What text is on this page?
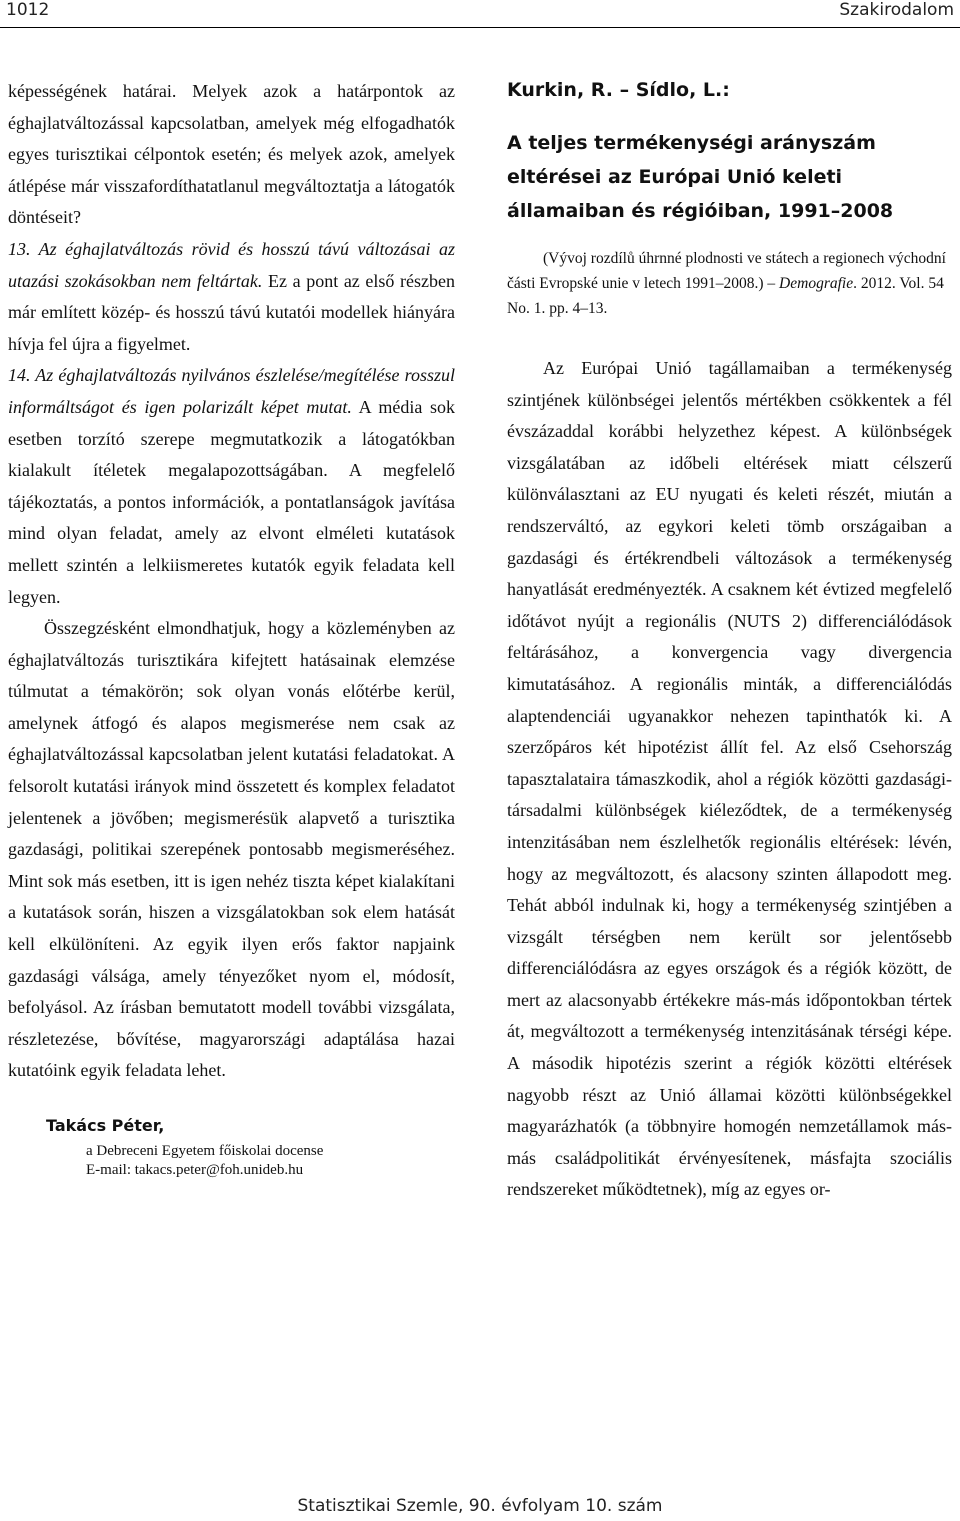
1012	Szakirodalom

képességének határai. Melyek azok a határpontok az éghajlatváltozással kapcsolatban, amelyek még elfogadhatók egyes turisztikai célpontok esetén; és melyek azok, amelyek átlépése már visszafordíthatatlanul megváltoztatja a látogatók döntéseit?

13. Az éghajlatváltozás rövid és hosszú távú változásai az utazási szokásokban nem feltártak. Ez a pont az első részben már említett közép- és hosszú távú kutatói modellek hiányára hívja fel újra a figyelmet.

14. Az éghajlatváltozás nyilvános észlelése/megítélése rosszul informáltságot és igen polarizált képet mutat. A média sok esetben torzító szerepe megmutatkozik a látogatókban kialakult ítéletek megalapozottságában. A megfelelő tájékoztatás, a pontos információk, a pontatlanságok javítása mind olyan feladat, amely az elvont elméleti kutatások mellett szintén a lelkiismeretes kutatók egyik feladata kell legyen.

Összegzésként elmondhatjuk, hogy a közleményben az éghajlatváltozás turisztikára kifejtett hatásainak elemzése túlmutat a témakörön; sok olyan vonás előtérbe kerül, amelynek átfogó és alapos megismerése nem csak az éghajlatváltozással kapcsolatban jelent kutatási feladatokat. A felsorolt kutatási irányok mind összetett és komplex feladatot jelentenek a jövőben; megismerésük alapvető a turisztika gazdasági, politikai szerepének pontosabb megismeréséhez. Mint sok más esetben, itt is igen nehéz tiszta képet kialakítani a kutatások során, hiszen a vizsgálatokban sok elem hatását kell elkülöníteni. Az egyik ilyen erős faktor napjaink gazdasági válsága, amely tényezőket nyom el, módosít, befolyásol. Az írásban bemutatott modell további vizsgálata, részletezése, bővítése, magyarországi adaptálása hazai kutatóink egyik feladata lehet.

Takács Péter,

a Debreceni Egyetem főiskolai docense

E-mail: takacs.peter@foh.unideb.hu

Kurkin, R. – Sídlo, L.:

A teljes termékenységi arányszám eltérései az Európai Unió keleti államaiban és régióiban, 1991–2008

(Vývoj rozdílů úhrnné plodnosti ve státech a regionech východní části Evropské unie v letech 1991–2008.) – Demografie. 2012. Vol. 54 No. 1. pp. 4–13.

Az Európai Unió tagállamaiban a termékenység szintjének különbségei jelentős mértékben csökkentek a fél évszázaddal korábbi helyzethez képest. A különbségek vizsgálatában az időbeli eltérések miatt célszerű különválasztani az EU nyugati és keleti részét, miután a rendszerváltó, az egykori keleti tömb országaiban a gazdasági és értékrendbeli változások a termékenység hanyatlását eredményezték. A csaknem két évtized megfelelő időtávot nyújt a regionális (NUTS 2) differenciálódások feltárásához, a konvergencia vagy divergencia kimutatásához. A regionális minták, a differenciálódás alaptendenciái ugyanakkor nehezen tapinthatók ki. A szerzőpáros két hipotézist állít fel. Az első Csehország tapasztalataira támaszkodik, ahol a régiók közötti gazdasági-társadalmi különbségek kiéleződtek, de a termékenység intenzitásában nem észlelhetők regionális eltérések: lévén, hogy az megváltozott, és alacsony szinten állapodott meg. Tehát abból indulnak ki, hogy a termékenység szintjében a vizsgált térségben nem került sor jelentősebb differenciálódásra az egyes országok és a régiók között, de mert az alacsonyabb értékekre más-más időpontokban tértek át, megváltozott a termékenység intenzitásának térségi képe. A második hipotézis szerint a régiók közötti eltérések nagyobb részt az Unió államai közötti különbségekkel magyarázhatók (a többnyire homogén nemzetállamok más-más családpolitikát érvényesítenek, másfajta szociális rendszereket működtetnek), míg az egyes or-

Statisztikai Szemle, 90. évfolyam 10. szám
